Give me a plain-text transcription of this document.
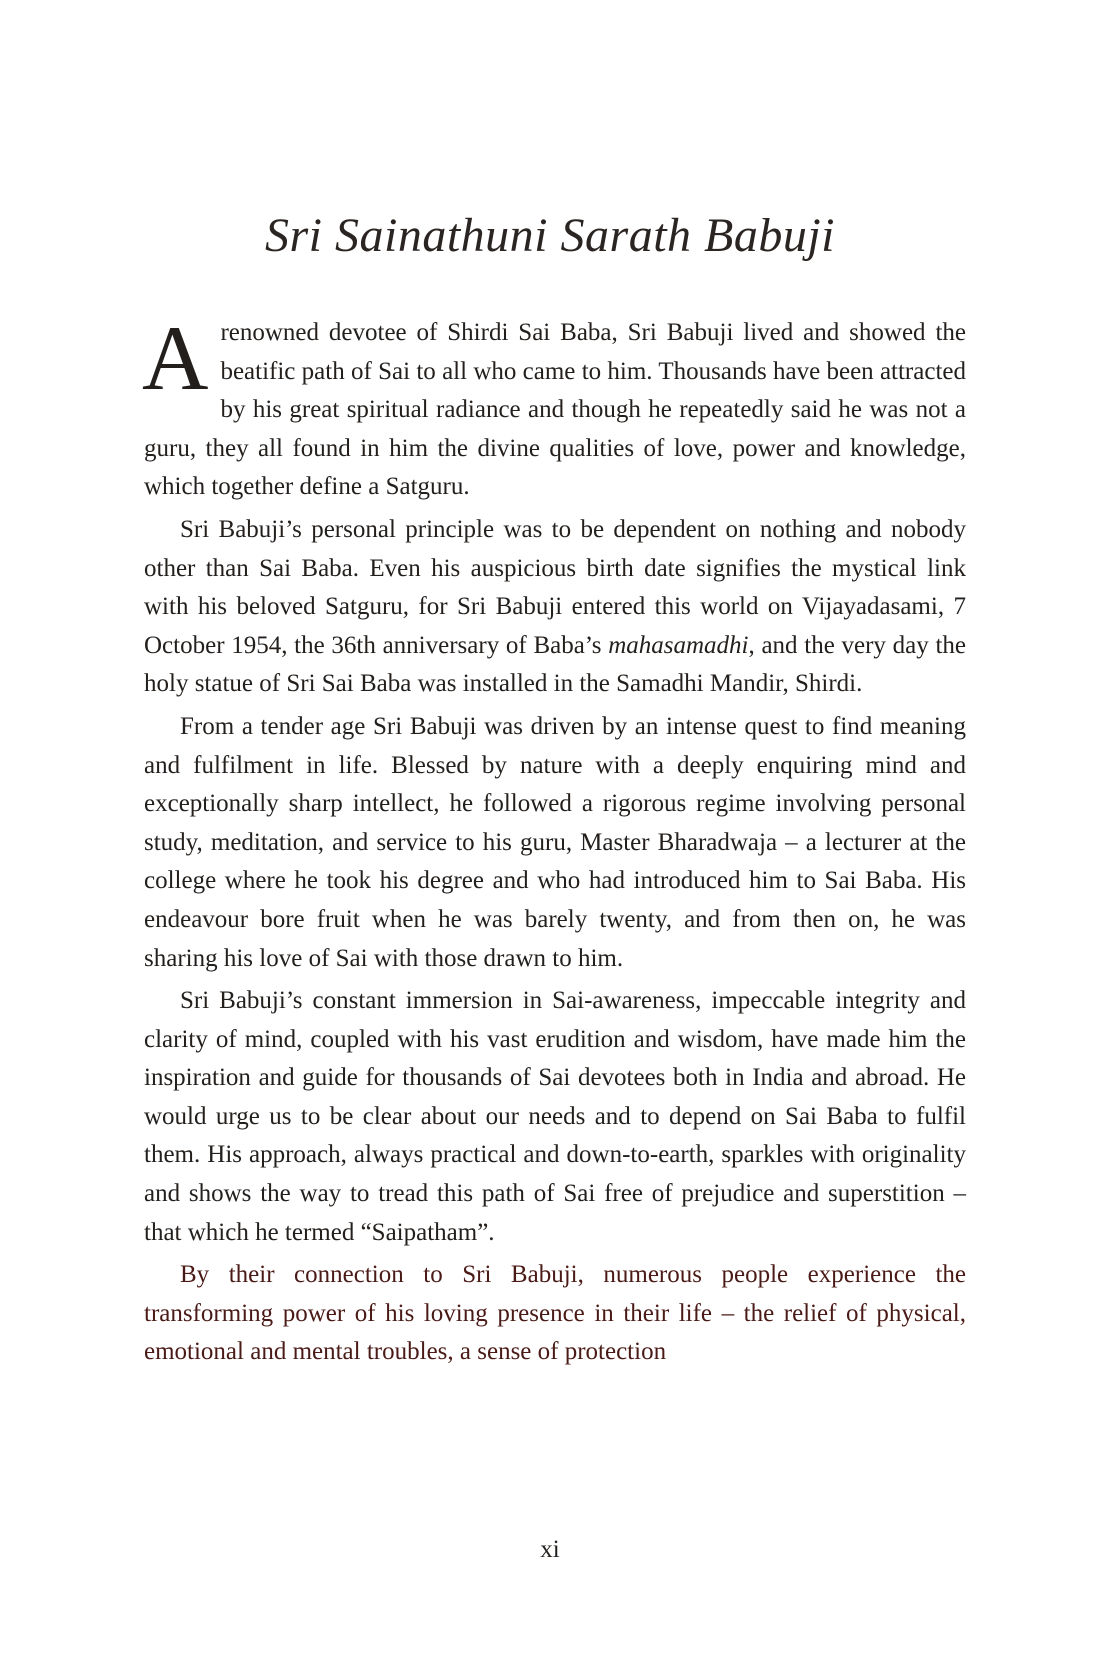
Sri Sainathuni Sarath Babuji

Arenowned devotee of Shirdi Sai Baba, Sri Babuji lived and showed the beatific path of Sai to all who came to him. Thousands have been attracted by his great spiritual radiance and though he repeatedly said he was not a guru, they all found in him the divine qualities of love, power and knowledge, which together define a Satguru.

Sri Babuji’s personal principle was to be dependent on nothing and nobody other than Sai Baba. Even his auspicious birth date signifies the mystical link with his beloved Satguru, for Sri Babuji entered this world on Vijayadasami, 7 October 1954, the 36th anniversary of Baba’s mahasamadhi, and the very day the holy statue of Sri Sai Baba was installed in the Samadhi Mandir, Shirdi.

From a tender age Sri Babuji was driven by an intense quest to find meaning and fulfilment in life. Blessed by nature with a deeply enquiring mind and exceptionally sharp intellect, he followed a rigorous regime involving personal study, meditation, and service to his guru, Master Bharadwaja – a lecturer at the college where he took his degree and who had introduced him to Sai Baba. His endeavour bore fruit when he was barely twenty, and from then on, he was sharing his love of Sai with those drawn to him.

Sri Babuji’s constant immersion in Sai-awareness, impeccable integrity and clarity of mind, coupled with his vast erudition and wisdom, have made him the inspiration and guide for thousands of Sai devotees both in India and abroad. He would urge us to be clear about our needs and to depend on Sai Baba to fulfil them. His approach, always practical and down-to-earth, sparkles with originality and shows the way to tread this path of Sai free of prejudice and superstition – that which he termed “Saipatham”.

By their connection to Sri Babuji, numerous people experience the transforming power of his loving presence in their life – the relief of physical, emotional and mental troubles, a sense of protection

xi
